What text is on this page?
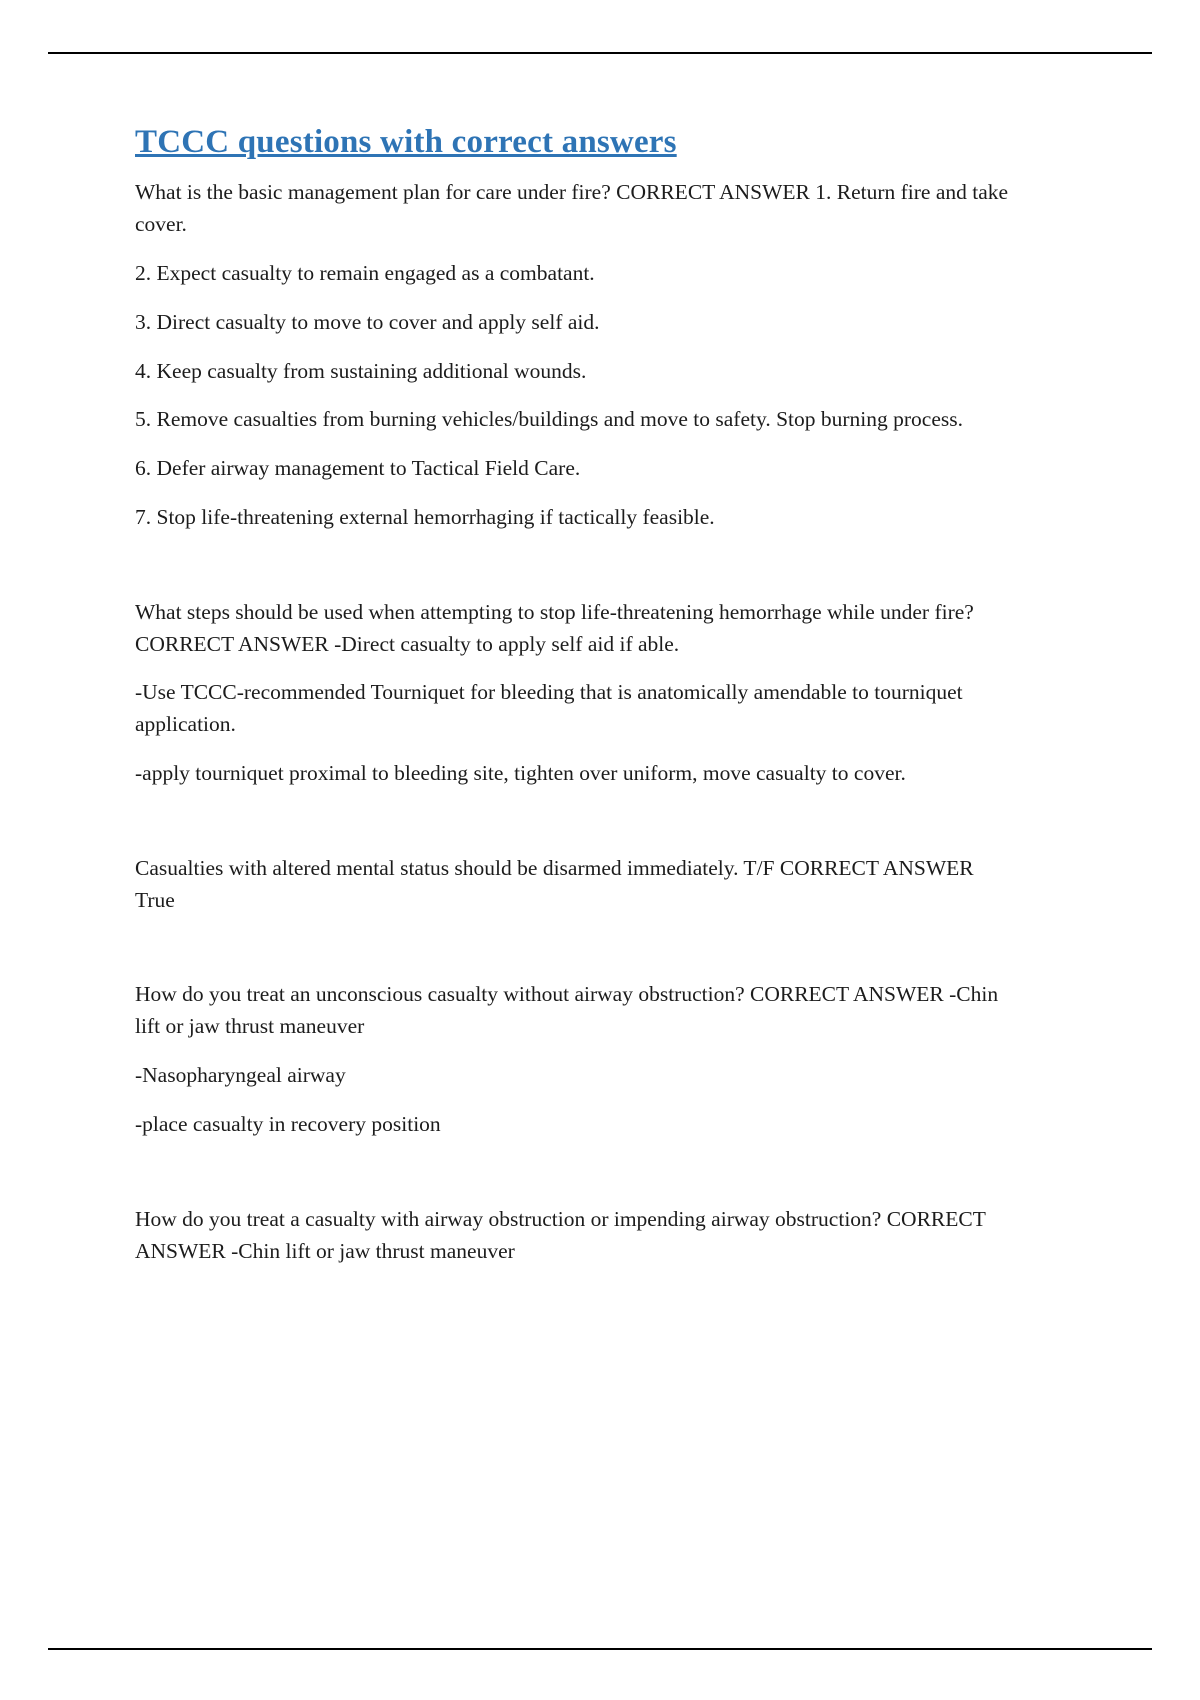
TCCC questions with correct answers

What is the basic management plan for care under fire? CORRECT ANSWER 1. Return fire and take cover.

2. Expect casualty to remain engaged as a combatant.

3. Direct casualty to move to cover and apply self aid.

4. Keep casualty from sustaining additional wounds.

5. Remove casualties from burning vehicles/buildings and move to safety. Stop burning process.

6. Defer airway management to Tactical Field Care.

7. Stop life-threatening external hemorrhaging if tactically feasible.

What steps should be used when attempting to stop life-threatening hemorrhage while under fire? CORRECT ANSWER -Direct casualty to apply self aid if able.

-Use TCCC-recommended Tourniquet for bleeding that is anatomically amendable to tourniquet application.

-apply tourniquet proximal to bleeding site, tighten over uniform, move casualty to cover.

Casualties with altered mental status should be disarmed immediately. T/F CORRECT ANSWER True

How do you treat an unconscious casualty without airway obstruction? CORRECT ANSWER -Chin lift or jaw thrust maneuver

-Nasopharyngeal airway

-place casualty in recovery position

How do you treat a casualty with airway obstruction or impending airway obstruction? CORRECT ANSWER -Chin lift or jaw thrust maneuver
